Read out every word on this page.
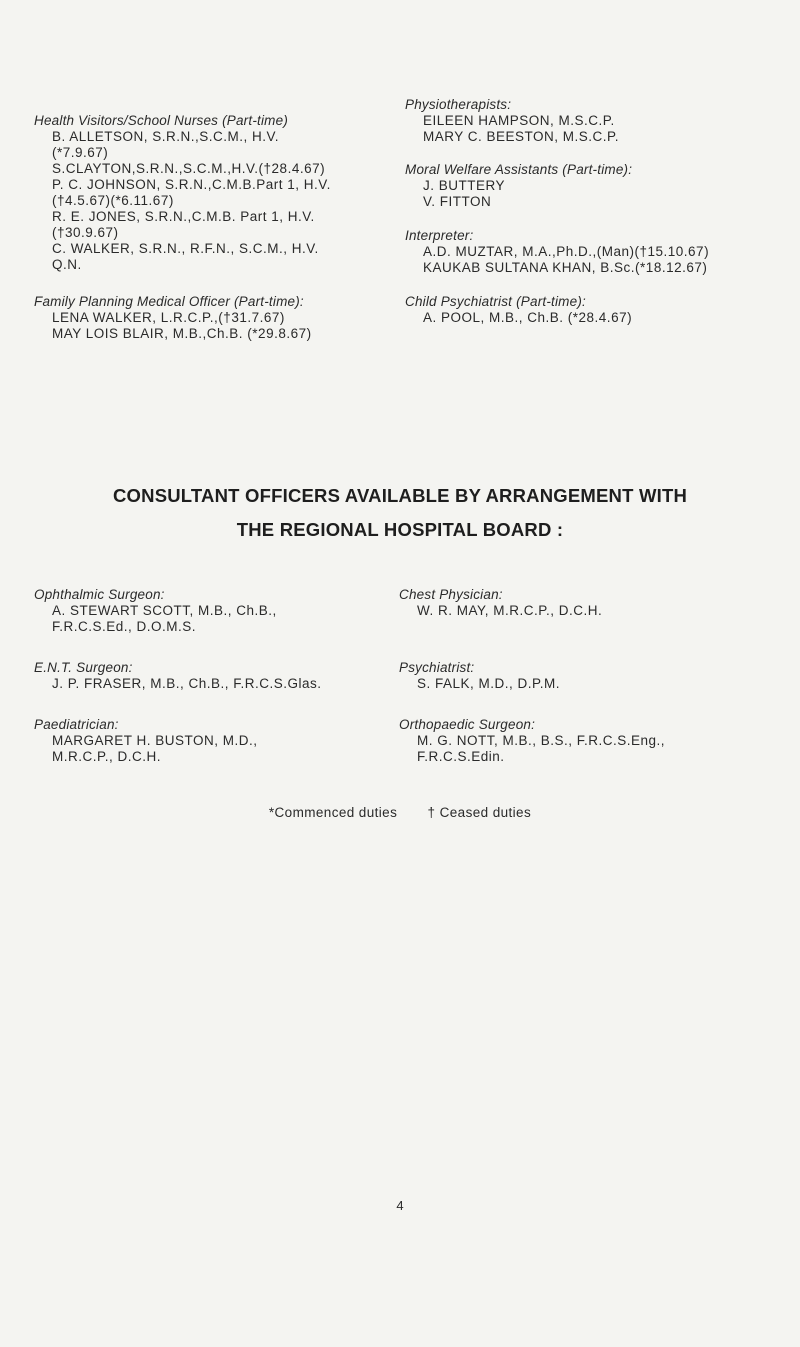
Health Visitors/School Nurses (Part-time)
B. ALLETSON, S.R.N.,S.C.M., H.V.
(*7.9.67)
S.CLAYTON,S.R.N.,S.C.M.,H.V.(†28.4.67)
P. C. JOHNSON, S.R.N.,C.M.B.Part 1, H.V.
(†4.5.67)(*6.11.67)
R. E. JONES, S.R.N.,C.M.B. Part 1, H.V.
(†30.9.67)
C. WALKER, S.R.N., R.F.N., S.C.M., H.V.
Q.N.
Family Planning Medical Officer (Part-time):
LENA WALKER, L.R.C.P.,(†31.7.67)
MAY LOIS BLAIR, M.B.,Ch.B. (*29.8.67)
Physiotherapists:
EILEEN HAMPSON, M.S.C.P.
MARY C. BEESTON, M.S.C.P.
Moral Welfare Assistants (Part-time):
J. BUTTERY
V. FITTON
Interpreter:
A.D. MUZTAR, M.A.,Ph.D.,(Man)(†15.10.67)
KAUKAB SULTANA KHAN, B.Sc.(*18.12.67)
Child Psychiatrist (Part-time):
A. POOL, M.B., Ch.B. (*28.4.67)
CONSULTANT OFFICERS AVAILABLE BY ARRANGEMENT WITH
THE REGIONAL HOSPITAL BOARD :
Ophthalmic Surgeon:
A. STEWART SCOTT, M.B., Ch.B.,
F.R.C.S.Ed., D.O.M.S.
E.N.T. Surgeon:
J. P. FRASER, M.B., Ch.B., F.R.C.S.Glas.
Paediatrician:
MARGARET H. BUSTON, M.D.,
M.R.C.P., D.C.H.
Chest Physician:
W. R. MAY, M.R.C.P., D.C.H.
Psychiatrist:
S. FALK, M.D., D.P.M.
Orthopaedic Surgeon:
M. G. NOTT, M.B., B.S., F.R.C.S.Eng.,
F.R.C.S.Edin.
*Commenced duties † Ceased duties
4
